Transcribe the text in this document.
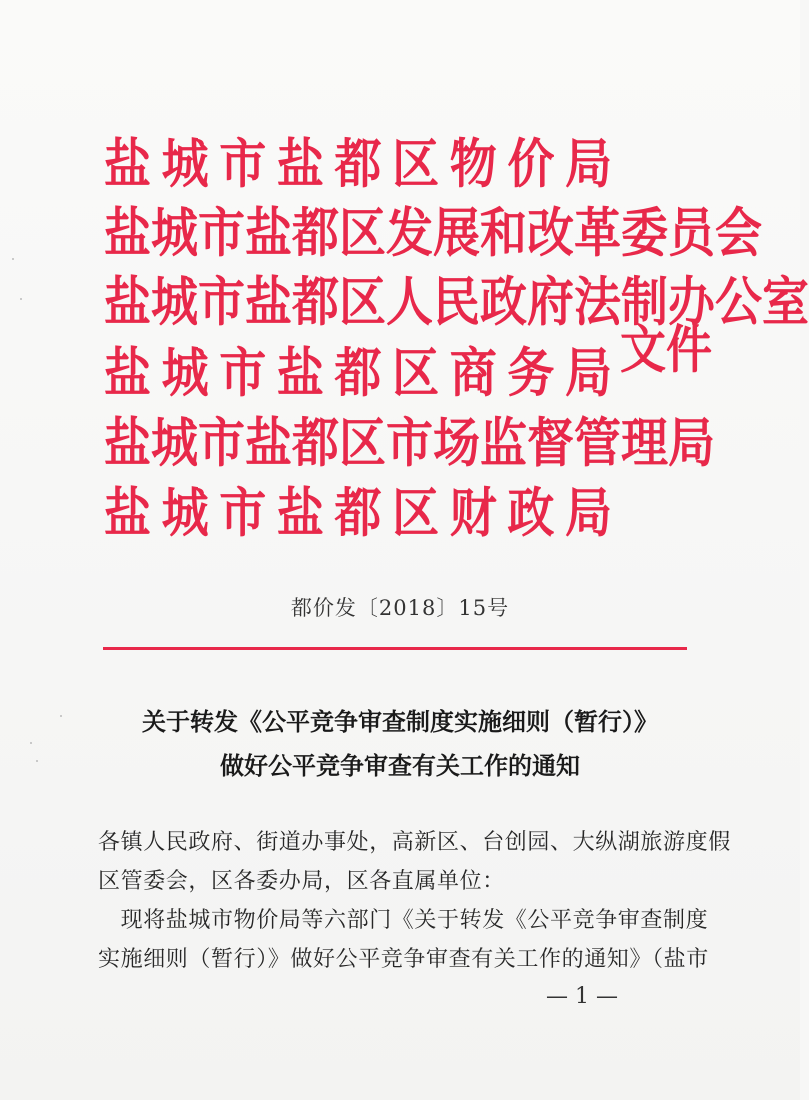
盐 城 市 盐 都 区 物 价 局
盐 城 市 盐 都 区 发 展 和 改 革 委 员 会
盐 城 市 盐 都 区 人 民 政 府 法 制 办 公 室
盐 城 市 盐 都 区 商 务 局
盐 城 市 盐 都 区 市 场 监 督 管 理 局
盐 城 市 盐 都 区 财 政 局
文件
都价发〔2018〕15号
关于转发《公平竞争审查制度实施细则（暂行）》
做好公平竞争审查有关工作的通知
各镇人民政府、街道办事处，高新区、台创园、大纵湖旅游度假
区管委会，区各委办局，区各直属单位：
　现将盐城市物价局等六部门《关于转发《公平竞争审查制度
实施细则（暂行）》做好公平竞争审查有关工作的通知》（盐市
— 1 —
